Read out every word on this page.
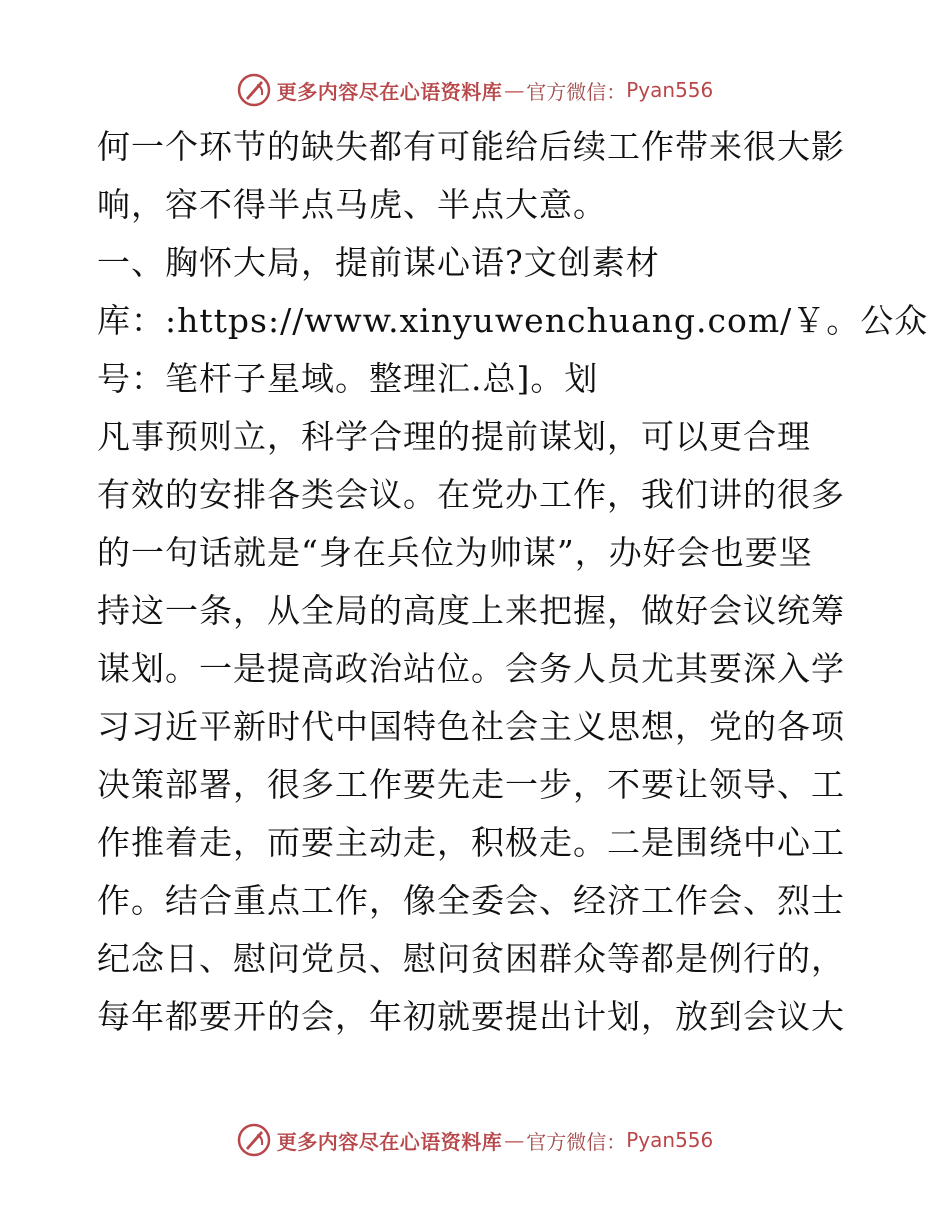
更多内容尽在心语资料库 — 官方微信： Pyan556
何一个环节的缺失都有可能给后续工作带来很大影
响，容不得半点马虎、半点大意。
一、胸怀大局，提前谋心语?文创素材
库：:https://www.xinyuwenchuang.com/￥。公众
号：笔杆子星域。整理汇.总]。划
凡事预则立，科学合理的提前谋划，可以更合理
有效的安排各类会议。在党办工作，我们讲的很多
的一句话就是“身在兵位为帅谋”，办好会也要坚
持这一条，从全局的高度上来把握，做好会议统筹
谋划。一是提高政治站位。会务人员尤其要深入学
习习近平新时代中国特色社会主义思想，党的各项
决策部署，很多工作要先走一步，不要让领导、工
作推着走，而要主动走，积极走。二是围绕中心工
作。结合重点工作，像全委会、经济工作会、烈士
纪念日、慰问党员、慰问贫困群众等都是例行的，
每年都要开的会，年初就要提出计划，放到会议大
更多内容尽在心语资料库 — 官方微信： Pyan556
